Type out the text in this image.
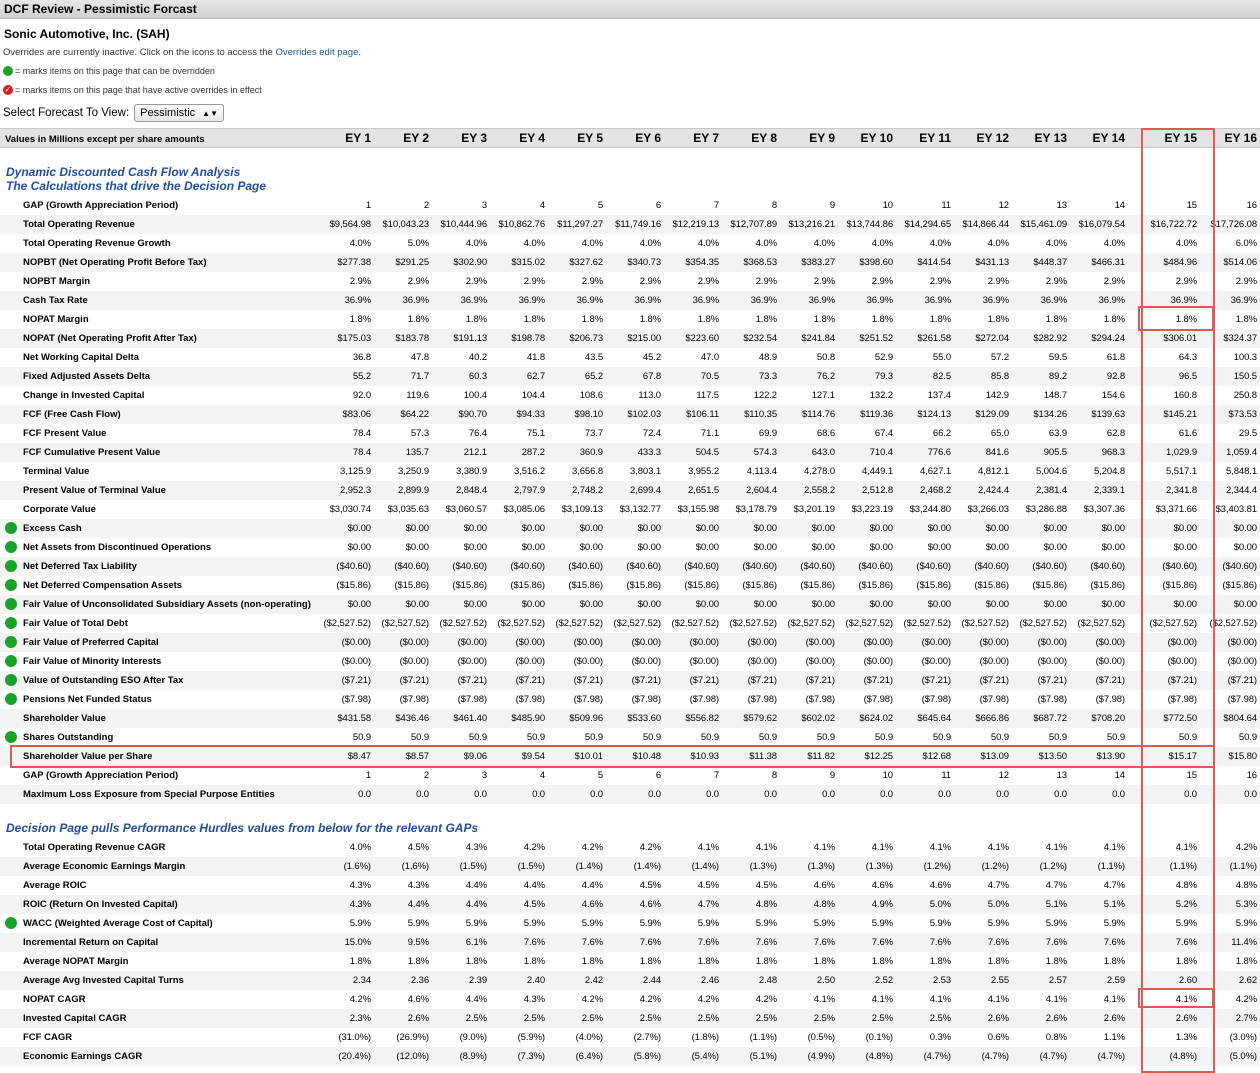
DCF Review - Pessimistic Forcast
Sonic Automotive, Inc. (SAH)
Overrides are currently inactive. Click on the icons to access the Overrides edit page.
= marks items on this page that can be overridden
✓ = marks items on this page that have active overrides in effect
Select Forecast To View: Pessimistic ▲▼
Values in Millions except per share amounts	EY 1	EY 2	EY 3	EY 4	EY 5	EY 6	EY 7	EY 8	EY 9	EY 10	EY 11	EY 12	EY 13	EY 14	EY 15	EY 16
Dynamic Discounted Cash Flow Analysis
The Calculations that drive the Decision Page
GAP (Growth Appreciation Period)	1	2	3	4	5	6	7	8	9	10	11	12	13	14	15	16
Total Operating Revenue	$9,564.98	$10,043.23	$10,444.96	$10,862.76	$11,297.27	$11,749.16	$12,219.13	$12,707.89	$13,216.21	$13,744.86	$14,294.65	$14,866.44	$15,461.09	$16,079.54	$16,722.72	$17,726.08
Total Operating Revenue Growth	4.0%	5.0%	4.0%	4.0%	4.0%	4.0%	4.0%	4.0%	4.0%	4.0%	4.0%	4.0%	4.0%	4.0%	4.0%	6.0%
NOPBT (Net Operating Profit Before Tax)	$277.38	$291.25	$302.90	$315.02	$327.62	$340.73	$354.35	$368.53	$383.27	$398.60	$414.54	$431.13	$448.37	$466.31	$484.96	$514.06
NOPBT Margin	2.9%	2.9%	2.9%	2.9%	2.9%	2.9%	2.9%	2.9%	2.9%	2.9%	2.9%	2.9%	2.9%	2.9%	2.9%	2.9%
Cash Tax Rate	36.9%	36.9%	36.9%	36.9%	36.9%	36.9%	36.9%	36.9%	36.9%	36.9%	36.9%	36.9%	36.9%	36.9%	36.9%	36.9%
NOPAT Margin	1.8%	1.8%	1.8%	1.8%	1.8%	1.8%	1.8%	1.8%	1.8%	1.8%	1.8%	1.8%	1.8%	1.8%	1.8%	1.8%
NOPAT (Net Operating Profit After Tax)	$175.03	$183.78	$191.13	$198.78	$206.73	$215.00	$223.60	$232.54	$241.84	$251.52	$261.58	$272.04	$282.92	$294.24	$306.01	$324.37
Net Working Capital Delta	36.8	47.8	40.2	41.8	43.5	45.2	47.0	48.9	50.8	52.9	55.0	57.2	59.5	61.8	64.3	100.3
Fixed Adjusted Assets Delta	55.2	71.7	60.3	62.7	65.2	67.8	70.5	73.3	76.2	79.3	82.5	85.8	89.2	92.8	96.5	150.5
Change in Invested Capital	92.0	119.6	100.4	104.4	108.6	113.0	117.5	122.2	127.1	132.2	137.4	142.9	148.7	154.6	160.8	250.8
FCF (Free Cash Flow)	$83.06	$64.22	$90.70	$94.33	$98.10	$102.03	$106.11	$110.35	$114.76	$119.36	$124.13	$129.09	$134.26	$139.63	$145.21	$73.53
FCF Present Value	78.4	57.3	76.4	75.1	73.7	72.4	71.1	69.9	68.6	67.4	66.2	65.0	63.9	62.8	61.6	29.5
FCF Cumulative Present Value	78.4	135.7	212.1	287.2	360.9	433.3	504.5	574.3	643.0	710.4	776.6	841.6	905.5	968.3	1,029.9	1,059.4
Terminal Value	3,125.9	3,250.9	3,380.9	3,516.2	3,656.8	3,803.1	3,955.2	4,113.4	4,278.0	4,449.1	4,627.1	4,812.1	5,004.6	5,204.8	5,517.1	5,848.1
Present Value of Terminal Value	2,952.3	2,899.9	2,848.4	2,797.9	2,748.2	2,699.4	2,651.5	2,604.4	2,558.2	2,512.8	2,468.2	2,424.4	2,381.4	2,339.1	2,341.8	2,344.4
Corporate Value	$3,030.74	$3,035.63	$3,060.57	$3,085.06	$3,109.13	$3,132.77	$3,155.98	$3,178.79	$3,201.19	$3,223.19	$3,244.80	$3,266.03	$3,286.88	$3,307.36	$3,371.66	$3,403.81
Excess Cash	$0.00	$0.00	$0.00	$0.00	$0.00	$0.00	$0.00	$0.00	$0.00	$0.00	$0.00	$0.00	$0.00	$0.00	$0.00	$0.00
Net Assets from Discontinued Operations	$0.00	$0.00	$0.00	$0.00	$0.00	$0.00	$0.00	$0.00	$0.00	$0.00	$0.00	$0.00	$0.00	$0.00	$0.00	$0.00
Net Deferred Tax Liability	($40.60)	($40.60)	($40.60)	($40.60)	($40.60)	($40.60)	($40.60)	($40.60)	($40.60)	($40.60)	($40.60)	($40.60)	($40.60)	($40.60)	($40.60)	($40.60)
Net Deferred Compensation Assets	($15.86)	($15.86)	($15.86)	($15.86)	($15.86)	($15.86)	($15.86)	($15.86)	($15.86)	($15.86)	($15.86)	($15.86)	($15.86)	($15.86)	($15.86)	($15.86)
Fair Value of Unconsolidated Subsidiary Assets (non-operating)	$0.00	$0.00	$0.00	$0.00	$0.00	$0.00	$0.00	$0.00	$0.00	$0.00	$0.00	$0.00	$0.00	$0.00	$0.00	$0.00
Fair Value of Total Debt	($2,527.52)	($2,527.52)	($2,527.52)	($2,527.52)	($2,527.52)	($2,527.52)	($2,527.52)	($2,527.52)	($2,527.52)	($2,527.52)	($2,527.52)	($2,527.52)	($2,527.52)	($2,527.52)	($2,527.52)	($2,527.52)
Fair Value of Preferred Capital	($0.00)	($0.00)	($0.00)	($0.00)	($0.00)	($0.00)	($0.00)	($0.00)	($0.00)	($0.00)	($0.00)	($0.00)	($0.00)	($0.00)	($0.00)	($0.00)
Fair Value of Minority Interests	($0.00)	($0.00)	($0.00)	($0.00)	($0.00)	($0.00)	($0.00)	($0.00)	($0.00)	($0.00)	($0.00)	($0.00)	($0.00)	($0.00)	($0.00)	($0.00)
Value of Outstanding ESO After Tax	($7.21)	($7.21)	($7.21)	($7.21)	($7.21)	($7.21)	($7.21)	($7.21)	($7.21)	($7.21)	($7.21)	($7.21)	($7.21)	($7.21)	($7.21)	($7.21)
Pensions Net Funded Status	($7.98)	($7.98)	($7.98)	($7.98)	($7.98)	($7.98)	($7.98)	($7.98)	($7.98)	($7.98)	($7.98)	($7.98)	($7.98)	($7.98)	($7.98)	($7.98)
Shareholder Value	$431.58	$436.46	$461.40	$485.90	$509.96	$533.60	$556.82	$579.62	$602.02	$624.02	$645.64	$666.86	$687.72	$708.20	$772.50	$804.64
Shares Outstanding	50.9	50.9	50.9	50.9	50.9	50.9	50.9	50.9	50.9	50.9	50.9	50.9	50.9	50.9	50.9	50.9
Shareholder Value per Share	$8.47	$8.57	$9.06	$9.54	$10.01	$10.48	$10.93	$11.38	$11.82	$12.25	$12.68	$13.09	$13.50	$13.90	$15.17	$15.80
GAP (Growth Appreciation Period)	1	2	3	4	5	6	7	8	9	10	11	12	13	14	15	16
Maximum Loss Exposure from Special Purpose Entities	0.0	0.0	0.0	0.0	0.0	0.0	0.0	0.0	0.0	0.0	0.0	0.0	0.0	0.0	0.0	0.0
Decision Page pulls Performance Hurdles values from below for the relevant GAPs
Total Operating Revenue CAGR	4.0%	4.5%	4.3%	4.2%	4.2%	4.2%	4.1%	4.1%	4.1%	4.1%	4.1%	4.1%	4.1%	4.1%	4.1%	4.2%
Average Economic Earnings Margin	(1.6%)	(1.6%)	(1.5%)	(1.5%)	(1.4%)	(1.4%)	(1.4%)	(1.3%)	(1.3%)	(1.3%)	(1.2%)	(1.2%)	(1.2%)	(1.1%)	(1.1%)	(1.1%)
Average ROIC	4.3%	4.3%	4.4%	4.4%	4.4%	4.5%	4.5%	4.5%	4.6%	4.6%	4.6%	4.7%	4.7%	4.7%	4.8%	4.8%
ROIC (Return On Invested Capital)	4.3%	4.4%	4.4%	4.5%	4.6%	4.6%	4.7%	4.8%	4.8%	4.9%	5.0%	5.0%	5.1%	5.1%	5.2%	5.3%
WACC (Weighted Average Cost of Capital)	5.9%	5.9%	5.9%	5.9%	5.9%	5.9%	5.9%	5.9%	5.9%	5.9%	5.9%	5.9%	5.9%	5.9%	5.9%	5.9%
Incremental Return on Capital	15.0%	9.5%	6.1%	7.6%	7.6%	7.6%	7.6%	7.6%	7.6%	7.6%	7.6%	7.6%	7.6%	7.6%	7.6%	11.4%
Average NOPAT Margin	1.8%	1.8%	1.8%	1.8%	1.8%	1.8%	1.8%	1.8%	1.8%	1.8%	1.8%	1.8%	1.8%	1.8%	1.8%	1.8%
Average Avg Invested Capital Turns	2.34	2.36	2.39	2.40	2.42	2.44	2.46	2.48	2.50	2.52	2.53	2.55	2.57	2.59	2.60	2.62
NOPAT CAGR	4.2%	4.6%	4.4%	4.3%	4.2%	4.2%	4.2%	4.2%	4.1%	4.1%	4.1%	4.1%	4.1%	4.1%	4.1%	4.2%
Invested Capital CAGR	2.3%	2.6%	2.5%	2.5%	2.5%	2.5%	2.5%	2.5%	2.5%	2.5%	2.5%	2.6%	2.6%	2.6%	2.6%	2.7%
FCF CAGR	(31.0%)	(26.9%)	(9.0%)	(5.9%)	(4.0%)	(2.7%)	(1.8%)	(1.1%)	(0.5%)	(0.1%)	0.3%	0.6%	0.8%	1.1%	1.3%	(3.0%)
Economic Earnings CAGR	(20.4%)	(12.0%)	(8.9%)	(7.3%)	(6.4%)	(5.8%)	(5.4%)	(5.1%)	(4.9%)	(4.8%)	(4.7%)	(4.7%)	(4.7%)	(4.7%)	(4.8%)	(5.0%)
